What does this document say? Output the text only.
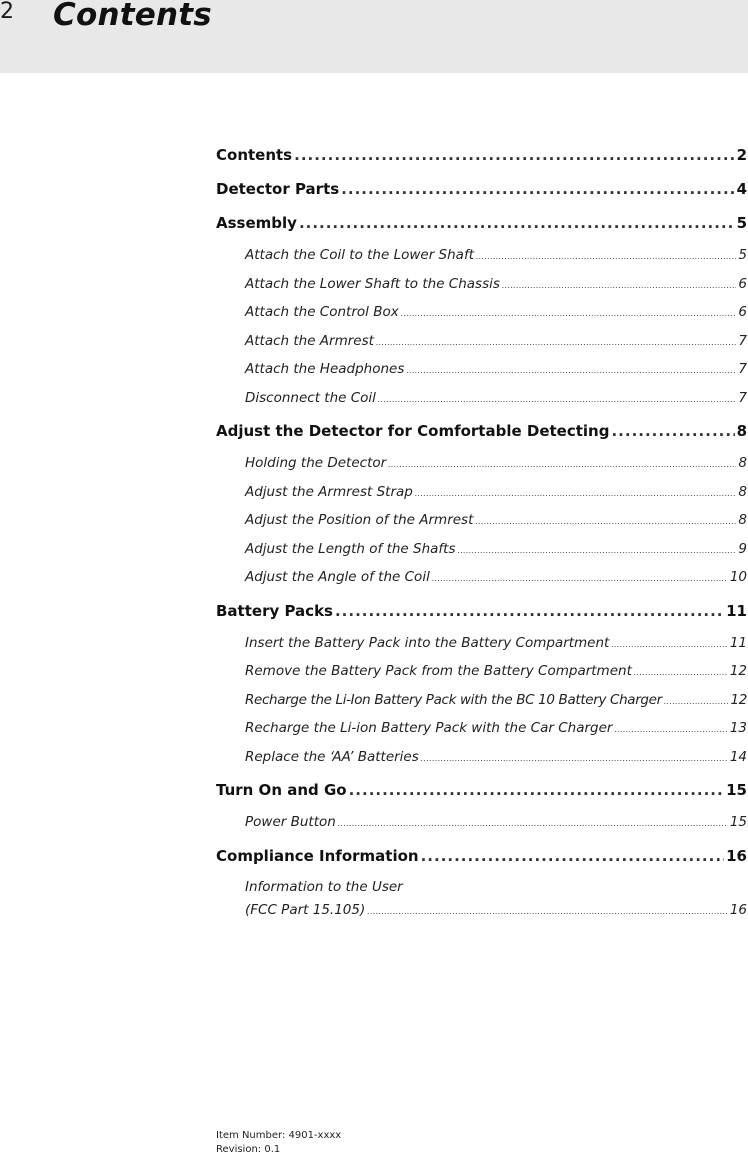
2 Contents
Contents .....	2
Detector Parts .....	4
Assembly .....	5
Attach the Coil to the Lower Shaft .....	5
Attach the Lower Shaft to the Chassis .....	6
Attach the Control Box .....	6
Attach the Armrest .....	7
Attach the Headphones .....	7
Disconnect the Coil .....	7
Adjust the Detector for Comfortable Detecting .....	8
Holding the Detector .....	8
Adjust the Armrest Strap .....	8
Adjust the Position of the Armrest .....	8
Adjust the Length of the Shafts .....	9
Adjust the Angle of the Coil .....	10
Battery Packs .....	11
Insert the Battery Pack into the Battery Compartment .....	11
Remove the Battery Pack from the Battery Compartment .....	12
Recharge the Li-Ion Battery Pack with the BC 10 Battery Charger .....	12
Recharge the Li-ion Battery Pack with the Car Charger .....	13
Replace the ‘AA’ Batteries .....	14
Turn On and Go .....	15
Power Button .....	15
Compliance Information .....	16
Information to the User
(FCC Part 15.105) .....	16
Item Number: 4901-xxxx
Revision: 0.1
